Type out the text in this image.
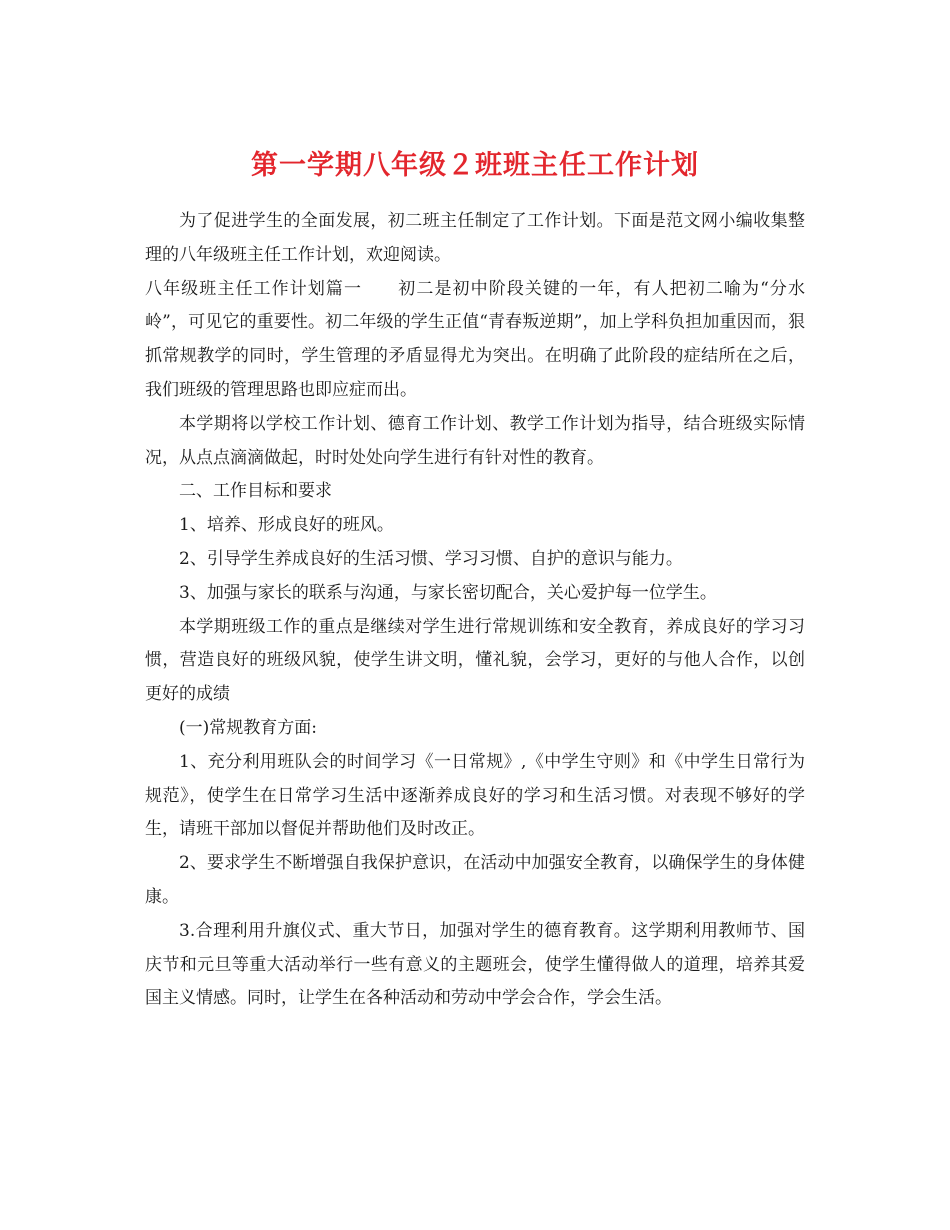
第一学期八年级２班班主任工作计划

为了促进学生的全面发展，初二班主任制定了工作计划。下面是范文网小编收集整理的八年级班主任工作计划，欢迎阅读。

八年级班主任工作计划篇一　　初二是初中阶段关键的一年，有人把初二喻为“分水岭”，可见它的重要性。初二年级的学生正值“青春叛逆期”，加上学科负担加重因而，狠抓常规教学的同时，学生管理的矛盾显得尤为突出。在明确了此阶段的症结所在之后，我们班级的管理思路也即应症而出。

本学期将以学校工作计划、德育工作计划、教学工作计划为指导，结合班级实际情况，从点点滴滴做起，时时处处向学生进行有针对性的教育。

二、工作目标和要求

1、培养、形成良好的班风。

2、引导学生养成良好的生活习惯、学习习惯、自护的意识与能力。

3、加强与家长的联系与沟通，与家长密切配合，关心爱护每一位学生。

本学期班级工作的重点是继续对学生进行常规训练和安全教育，养成良好的学习习惯，营造良好的班级风貌，使学生讲文明，懂礼貌，会学习，更好的与他人合作，以创更好的成绩

(一)常规教育方面:

1、充分利用班队会的时间学习《一日常规》,《中学生守则》和《中学生日常行为规范》，使学生在日常学习生活中逐渐养成良好的学习和生活习惯。对表现不够好的学生，请班干部加以督促并帮助他们及时改正。

2、要求学生不断增强自我保护意识，在活动中加强安全教育，以确保学生的身体健康。

3.合理利用升旗仪式、重大节日，加强对学生的德育教育。这学期利用教师节、国庆节和元旦等重大活动举行一些有意义的主题班会，使学生懂得做人的道理，培养其爱国主义情感。同时，让学生在各种活动和劳动中学会合作，学会生活。
